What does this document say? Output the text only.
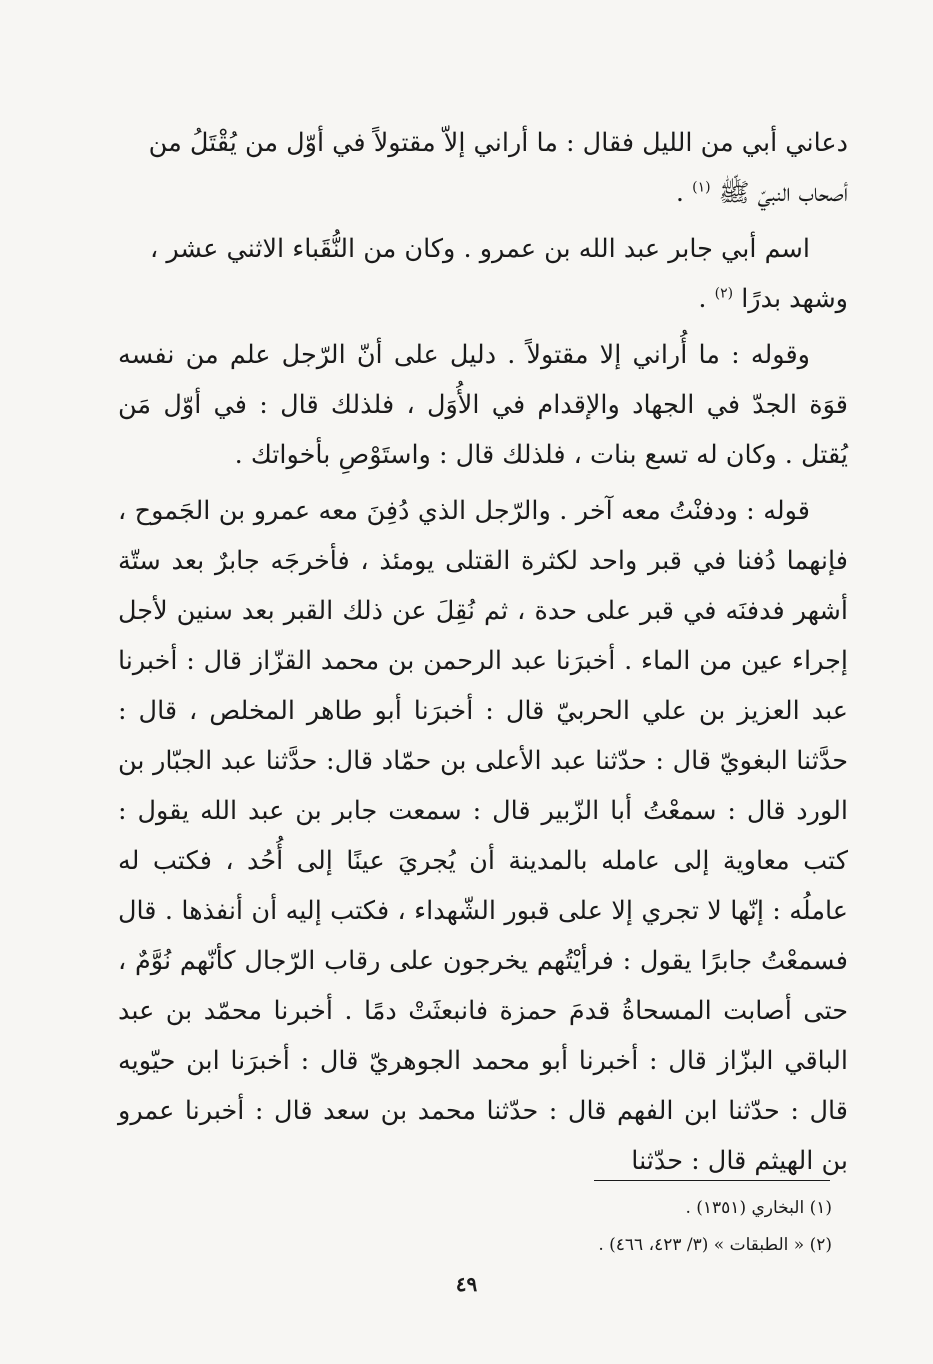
دعاني أبي من الليل فقال : ما أراني إلاّ مقتولاً في أوّل من يُقْتَلُ من
أصحاب النبيّ ﷺ $^{(١)}$ .

اسم أبي جابر عبد الله بن عمرو . وكان من النُّقَباء الاثني عشر ،
وشهد بدرًا $^{(٢)}$ .

وقوله : ما أُراني إلا مقتولاً . دليل على أنّ الرّجل علم من نفسه قوَة الجدّ في الجهاد والإقدام في الأُوَل ، فلذلك قال : في أوّل مَن يُقتل . وكان له تسع بنات ، فلذلك قال : واستَوْصِ بأخواتك .

قوله : ودفنْتُ معه آخر . والرّجل الذي دُفِنَ معه عمرو بن الجَموح ، فإنهما دُفنا في قبر واحد لكثرة القتلى يومئذ ، فأخرجَه جابرٌ بعد ستّة أشهر فدفنَه في قبر على حدة ، ثم نُقِلَ عن ذلك القبر بعد سنين لأجل إجراء عين من الماء . أخبرَنا عبد الرحمن بن محمد القزّاز قال : أخبرنا عبد العزيز بن علي الحربيّ قال : أخبرَنا أبو طاهر المخلص ، قال : حدَّثنا البغويّ قال : حدّثنا عبد الأعلى بن حمّاد قال: حدَّثنا عبد الجبّار بن الورد قال : سمعْتُ أبا الزّبير قال : سمعت جابر بن عبد الله يقول : كتب معاوية إلى عامله بالمدينة أن يُجريَ عينًا إلى أُحُد ، فكتب له عاملُه : إنّها لا تجري إلا على قبور الشّهداء ، فكتب إليه أن أنفذها . قال فسمعْتُ جابرًا يقول : فرأيْتُهم يخرجون على رقاب الرّجال كأنّهم نُوَّمٌ ، حتى أصابت المسحاةُ قدمَ حمزة فانبعثَتْ دمًا . أخبرنا محمّد بن عبد الباقي البزّاز قال : أخبرنا أبو محمد الجوهريّ قال : أخبرَنا ابن حيّويه قال : حدّثنا ابن الفهم قال : حدّثنا محمد بن سعد قال : أخبرنا عمرو بن الهيثم قال : حدّثنا

(١) البخاري (١٣٥١) .

(٢) « الطبقات » (٣/ ٤٢٣، ٤٦٦) .

٤٩
